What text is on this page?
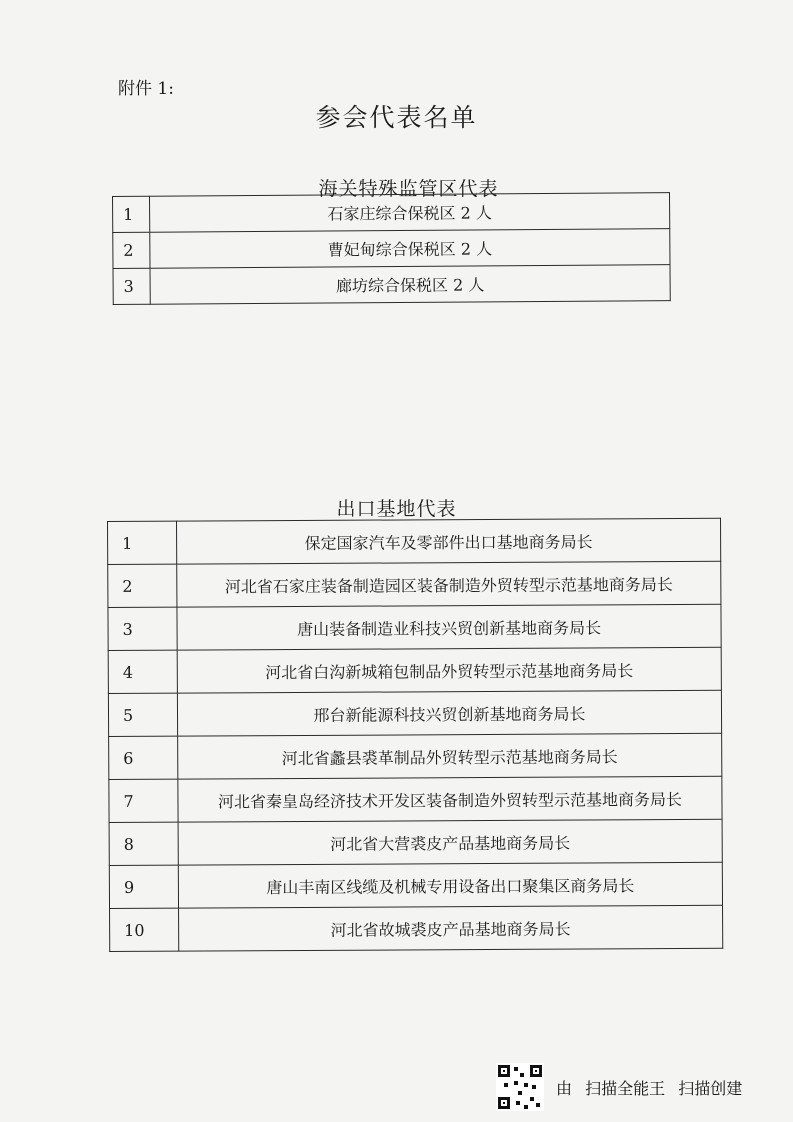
附件 1:
参会代表名单
海关特殊监管区代表
1	石家庄综合保税区 2 人
2	曹妃甸综合保税区 2 人
3	廊坊综合保税区 2 人
出口基地代表
1	保定国家汽车及零部件出口基地商务局长
2	河北省石家庄装备制造园区装备制造外贸转型示范基地商务局长
3	唐山装备制造业科技兴贸创新基地商务局长
4	河北省白沟新城箱包制品外贸转型示范基地商务局长
5	邢台新能源科技兴贸创新基地商务局长
6	河北省蠡县裘革制品外贸转型示范基地商务局长
7	河北省秦皇岛经济技术开发区装备制造外贸转型示范基地商务局长
8	河北省大营裘皮产品基地商务局长
9	唐山丰南区线缆及机械专用设备出口聚集区商务局长
10	河北省故城裘皮产品基地商务局长
由 扫描全能王 扫描创建
